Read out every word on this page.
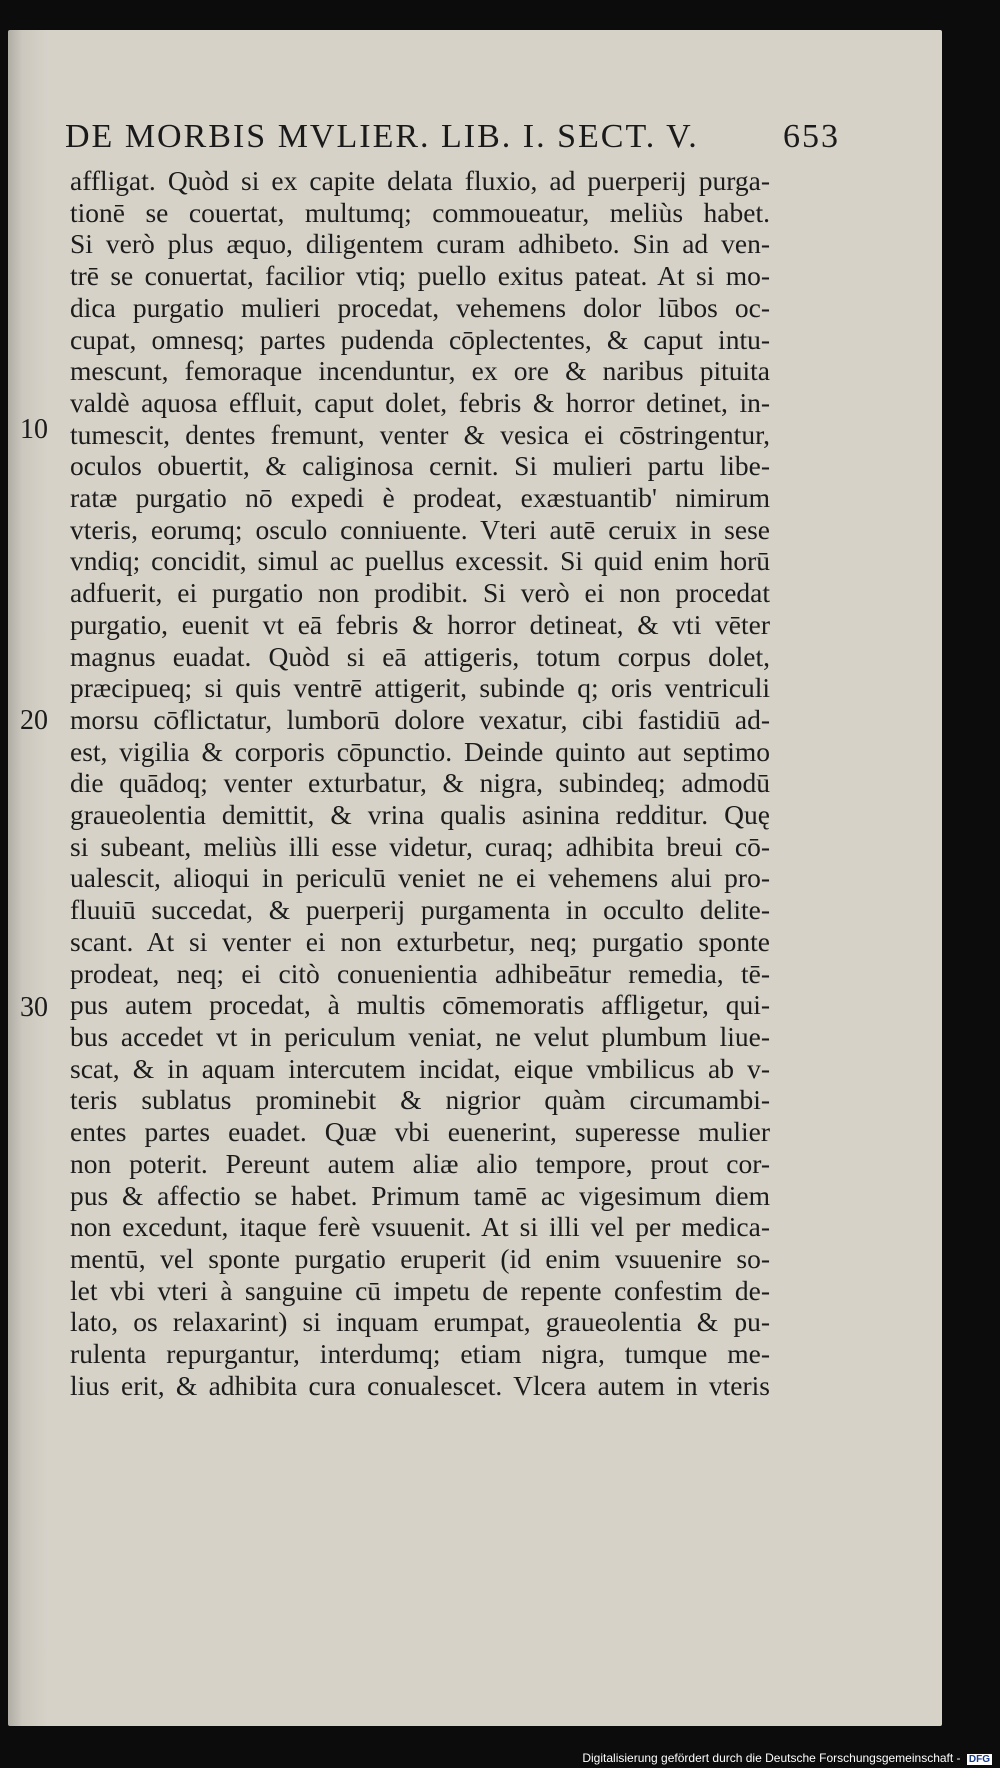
DE MORBIS MVLIER. LIB. I. SECT. V. 653
10
20
30
affligat. Quòd si ex capite delata fluxio, ad puerperij purga-
tionē se couertat, multumq; commoueatur, meliùs habet.
Si verò plus æquo, diligentem curam adhibeto. Sin ad ven-
trē se conuertat, facilior vtiq; puello exitus pateat. At si mo-
dica purgatio mulieri procedat, vehemens dolor lūbos oc-
cupat, omnesq; partes pudenda cōplectentes, & caput intu-
mescunt, femoraque incenduntur, ex ore & naribus pituita
valdè aquosa effluit, caput dolet, febris & horror detinet, in-
tumescit, dentes fremunt, venter & vesica ei cōstringentur,
oculos obuertit, & caliginosa cernit. Si mulieri partu libe-
ratæ purgatio nō expedi è prodeat, exæstuantib' nimirum
vteris, eorumq; osculo conniuente. Vteri autē ceruix in sese
vndiq; concidit, simul ac puellus excessit. Si quid enim horū
adfuerit, ei purgatio non prodibit. Si verò ei non procedat
purgatio, euenit vt eā febris & horror detineat, & vti vēter
magnus euadat. Quòd si eā attigeris, totum corpus dolet,
præcipueq; si quis ventrē attigerit, subinde q; oris ventriculi
morsu cōflictatur, lumborū dolore vexatur, cibi fastidiū ad-
est, vigilia & corporis cōpunctio. Deinde quinto aut septimo
die quādoq; venter exturbatur, & nigra, subindeq; admodū
graueolentia demittit, & vrina qualis asinina redditur. Quę
si subeant, meliùs illi esse videtur, curaq; adhibita breui cō-
ualescit, alioqui in periculū veniet ne ei vehemens alui pro-
fluuiū succedat, & puerperij purgamenta in occulto delite-
scant. At si venter ei non exturbetur, neq; purgatio sponte
prodeat, neq; ei citò conuenientia adhibeātur remedia, tē-
pus autem procedat, à multis cōmemoratis affligetur, qui-
bus accedet vt in periculum veniat, ne velut plumbum liue-
scat, & in aquam intercutem incidat, eique vmbilicus ab v-
teris sublatus prominebit & nigrior quàm circumambi-
entes partes euadet. Quæ vbi euenerint, superesse mulier
non poterit. Pereunt autem aliæ alio tempore, prout cor-
pus & affectio se habet. Primum tamē ac vigesimum diem
non excedunt, itaque ferè vsuuenit. At si illi vel per medica-
mentū, vel sponte purgatio eruperit (id enim vsuuenire so-
let vbi vteri à sanguine cū impetu de repente confestim de-
lato, os relaxarint) si inquam erumpat, graueolentia & pu-
rulenta repurgantur, interdumq; etiam nigra, tumque me-
lius erit, & adhibita cura conualescet. Vlcera autem in vteris
Digitalisierung gefördert durch die Deutsche Forschungsgemeinschaft - DFG
